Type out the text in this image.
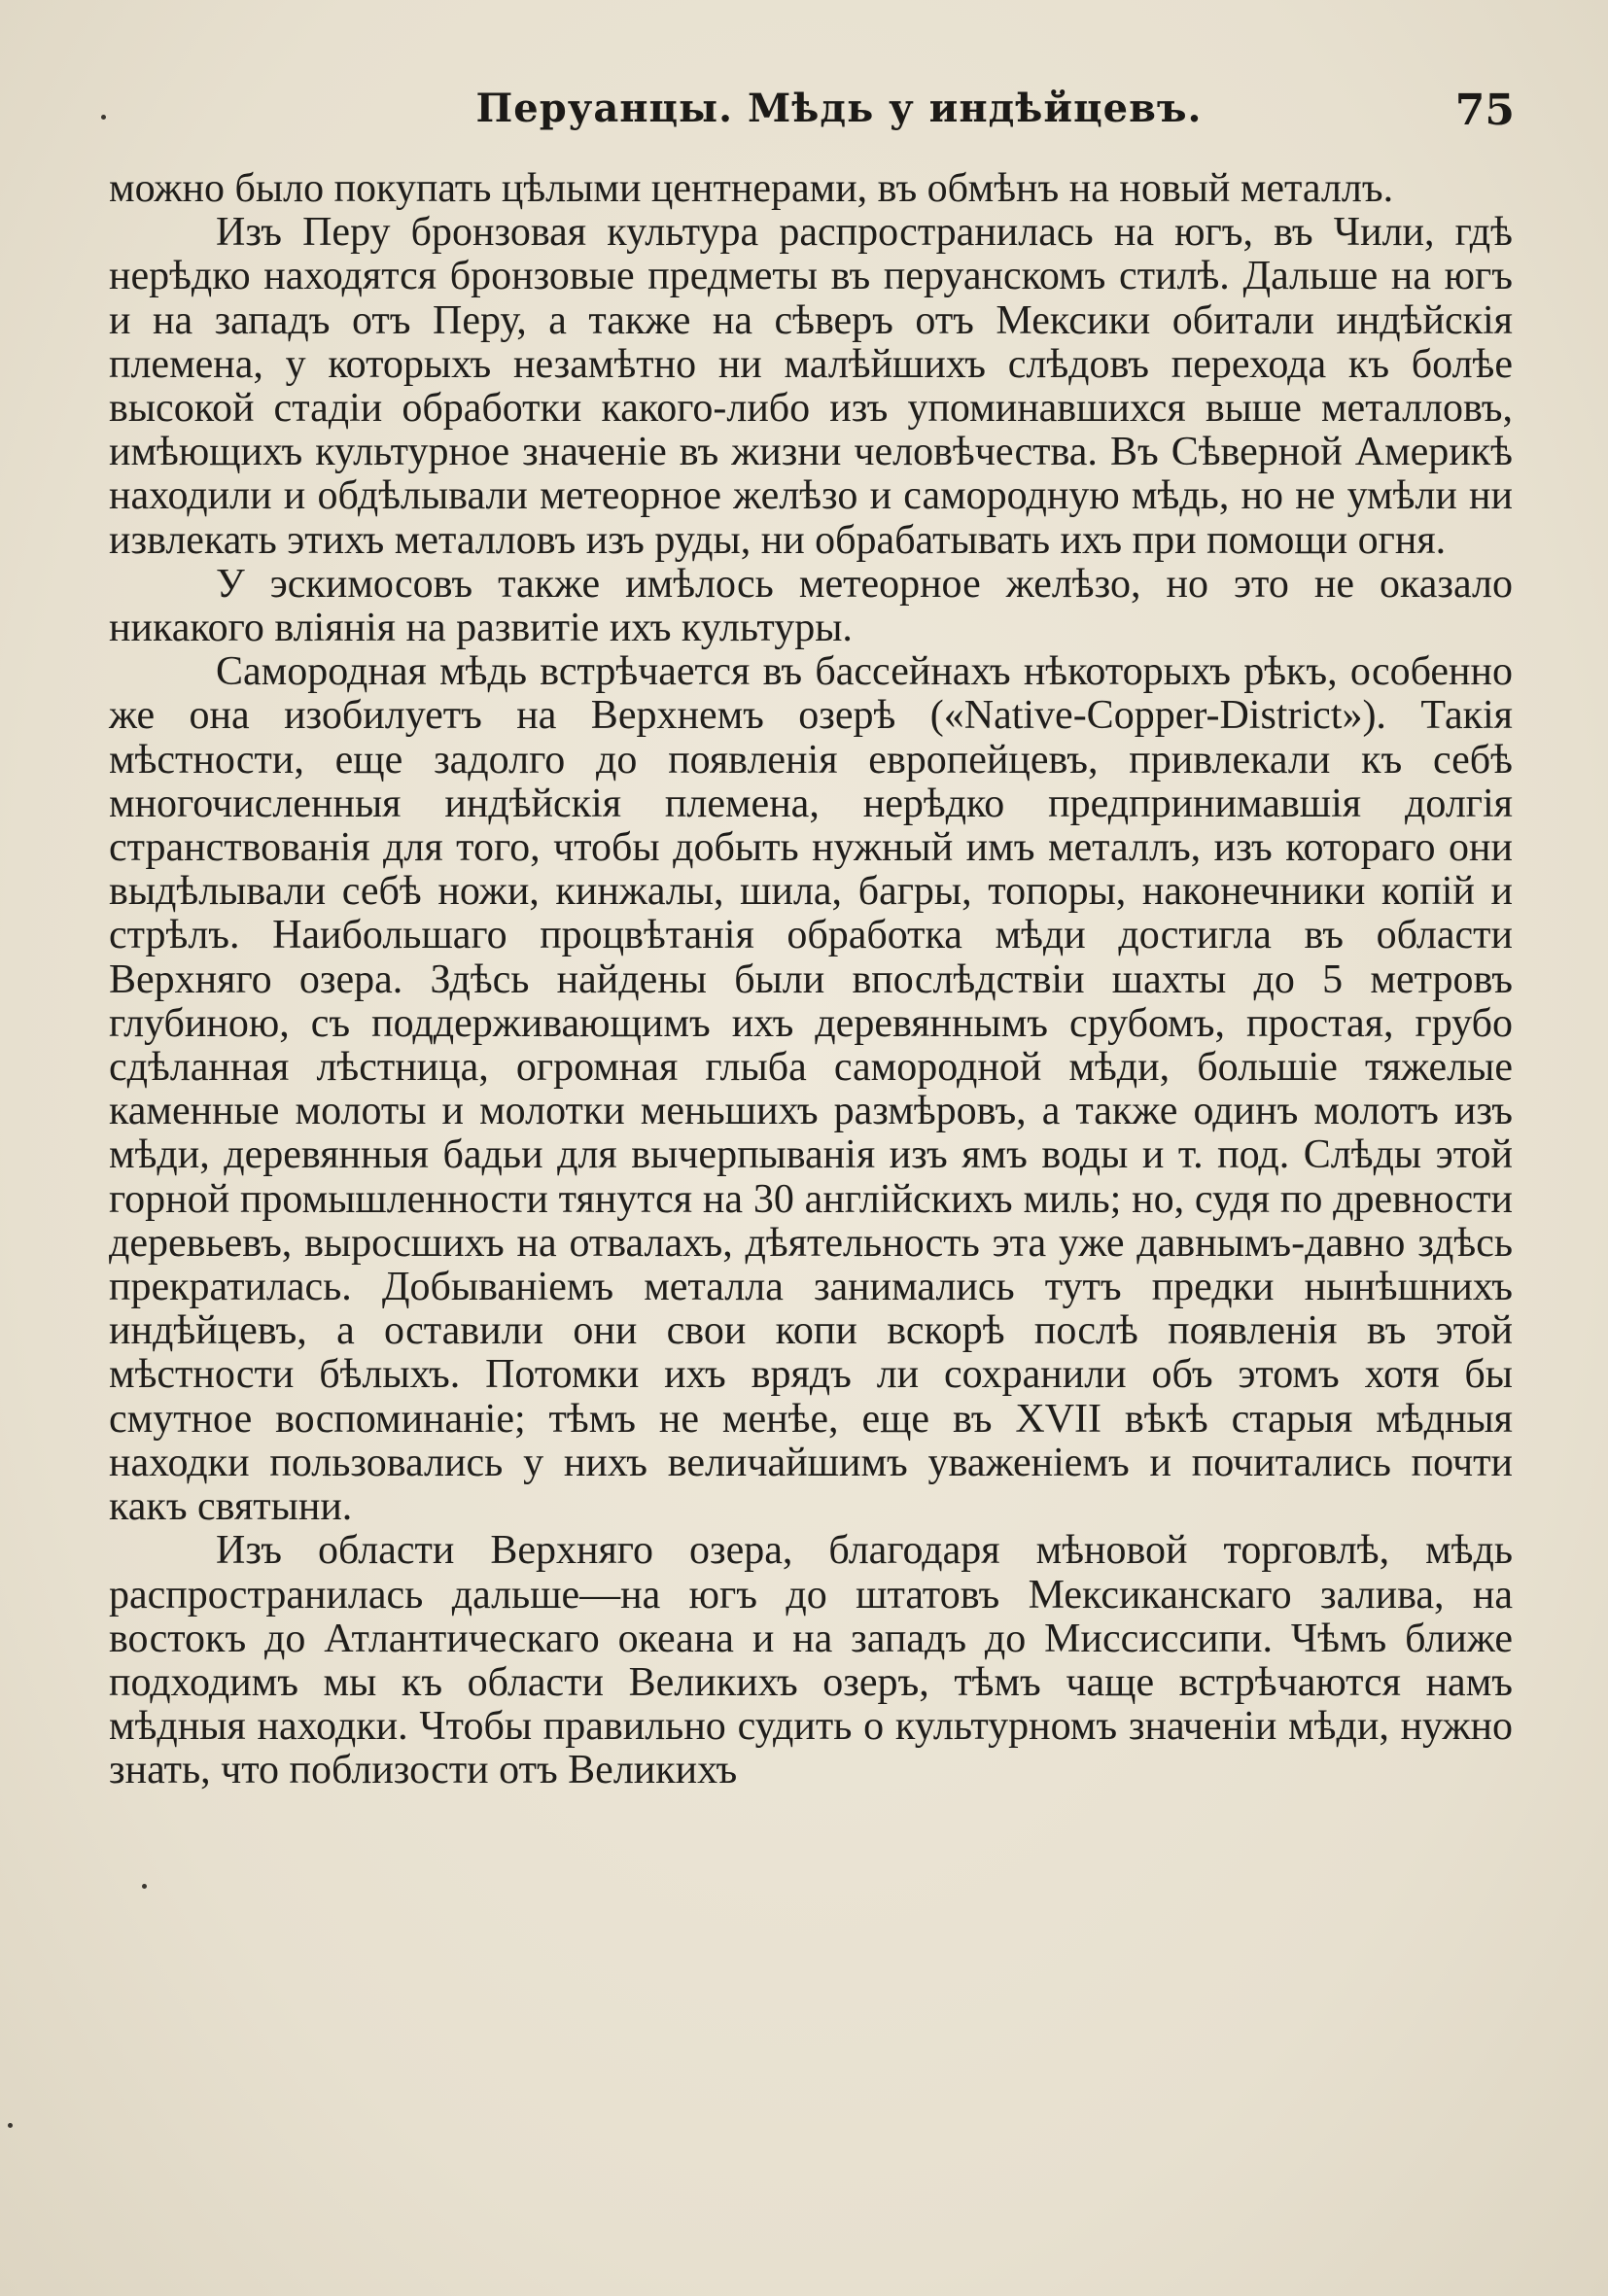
Перуанцы. Мѣдь у индѣйцевъ.	75

можно было покупать цѣлыми центнерами, въ обмѣнъ на новый металлъ.

Изъ Перу бронзовая культура распространилась на югъ, въ Чили, гдѣ нерѣдко находятся бронзовые предметы въ перуанскомъ стилѣ. Дальше на югъ и на западъ отъ Перу, а также на сѣверъ отъ Мексики обитали индѣйскія племена, у которыхъ незамѣтно ни малѣйшихъ слѣдовъ перехода къ болѣе высокой стадіи обработки какого-либо изъ упоминавшихся выше металловъ, имѣющихъ культурное значеніе въ жизни человѣчества. Въ Сѣверной Америкѣ находили и обдѣлывали метеорное желѣзо и самородную мѣдь, но не умѣли ни извлекать этихъ металловъ изъ руды, ни обрабатывать ихъ при помощи огня.

У эскимосовъ также имѣлось метеорное желѣзо, но это не оказало никакого вліянія на развитіе ихъ культуры.

Самородная мѣдь встрѣчается въ бассейнахъ нѣкоторыхъ рѣкъ, особенно же она изобилуетъ на Верхнемъ озерѣ («Native-Copper-District»). Такія мѣстности, еще задолго до появленія европейцевъ, привлекали къ себѣ многочисленныя индѣйскія племена, нерѣдко предпринимавшія долгія странствованія для того, чтобы добыть нужный имъ металлъ, изъ котораго они выдѣлывали себѣ ножи, кинжалы, шила, багры, топоры, наконечники копій и стрѣлъ. Наибольшаго процвѣтанія обработка мѣди достигла въ области Верхняго озера. Здѣсь найдены были впослѣдствіи шахты до 5 метровъ глубиною, съ поддерживающимъ ихъ деревяннымъ срубомъ, простая, грубо сдѣланная лѣстница, огромная глыба самородной мѣди, большіе тяжелые каменные молоты и молотки меньшихъ размѣровъ, а также одинъ молотъ изъ мѣди, деревянныя бадьи для вычерпыванія изъ ямъ воды и т. под. Слѣды этой горной промышленности тянутся на 30 англійскихъ миль; но, судя по древности деревьевъ, выросшихъ на отвалахъ, дѣятельность эта уже давнымъ-давно здѣсь прекратилась. Добываніемъ металла занимались тутъ предки нынѣшнихъ индѣйцевъ, а оставили они свои копи вскорѣ послѣ появленія въ этой мѣстности бѣлыхъ. Потомки ихъ врядъ ли сохранили объ этомъ хотя бы смутное воспоминаніе; тѣмъ не менѣе, еще въ XVII вѣкѣ старыя мѣдныя находки пользовались у нихъ величайшимъ уваженіемъ и почитались почти какъ святыни.

Изъ области Верхняго озера, благодаря мѣновой торговлѣ, мѣдь распространилась дальше—на югъ до штатовъ Мексиканскаго залива, на востокъ до Атлантическаго океана и на западъ до Миссиссипи. Чѣмъ ближе подходимъ мы къ области Великихъ озеръ, тѣмъ чаще встрѣчаются намъ мѣдныя находки. Чтобы правильно судить о культурномъ значеніи мѣди, нужно знать, что поблизости отъ Великихъ
